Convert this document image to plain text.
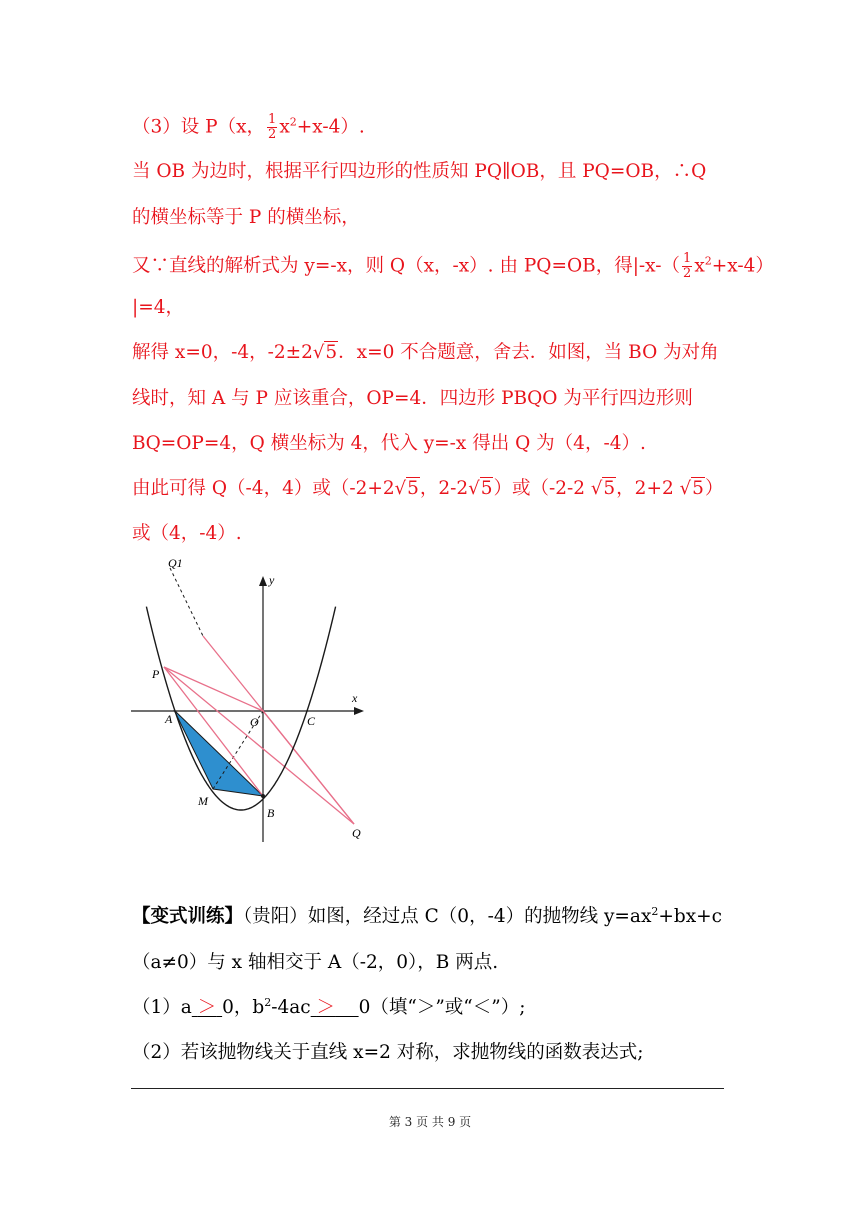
（3）设 P（x， $\frac{1}{2} x^2+x-4$）.
当 OB 为边时，根据平行四边形的性质知 PQ∥OB，且 PQ=OB，∴Q
的横坐标等于 P 的横坐标，
又∵直线的解析式为 y=-x，则 Q（x，-x）. 由 PQ=OB，得$|-x-( \frac{1}{2} x^2+x-4)$
|=4，
解得 x=0，-4，-2±2√5．x=0 不合题意，舍去．如图，当 BO 为对角
线时，知 A 与 P 应该重合，OP=4．四边形 PBQO 为平行四边形则
BQ=OP=4，Q 横坐标为 4，代入 y=-x 得出 Q 为（4，-4）.
由此可得 Q（-4，4）或（-2+2√5，2-2√5）或（-2-2 √5，2+2 √5）
或（4，-4）.
Q1
y
x
P
A	O	C
M
B
Q
【变式训练】（贵阳）如图，经过点 C（0，-4）的抛物线 $y=ax^2+bx+c$
（a≠0）与 x 轴相交于 A（-2，0），B 两点.
（1）a ＞ 0，$b^2-4ac > 0$（填“＞”或“＜”）;
（2）若该抛物线关于直线 x=2 对称，求抛物线的函数表达式;
第 3 页 共 9 页
